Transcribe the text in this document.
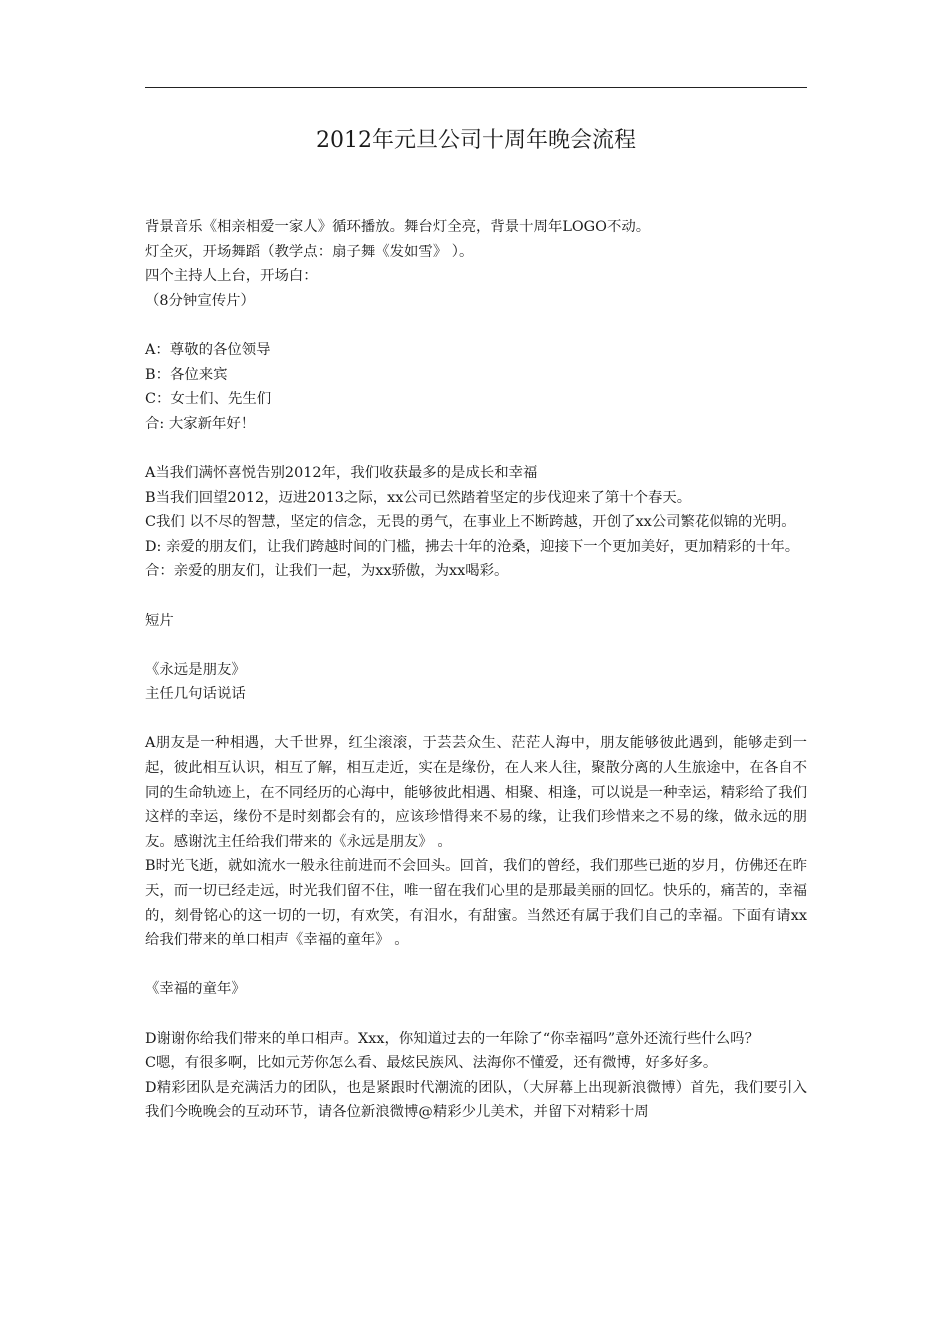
2012年元旦公司十周年晚会流程

背景音乐《相亲相爱一家人》循环播放。舞台灯全亮，背景十周年LOGO不动。

灯全灭，开场舞蹈（教学点：扇子舞《发如雪》 ）。

四个主持人上台，开场白：

（8分钟宣传片）

A：尊敬的各位领导

B：各位来宾

C：女士们、先生们

合: 大家新年好！

A当我们满怀喜悦告别2012年，我们收获最多的是成长和幸福

B当我们回望2012，迈进2013之际，xx公司已然踏着坚定的步伐迎来了第十个春天。

C我们 以不尽的智慧，坚定的信念，无畏的勇气，在事业上不断跨越，开创了xx公司繁花似锦的光明。

D: 亲爱的朋友们，让我们跨越时间的门槛，拂去十年的沧桑，迎接下一个更加美好，更加精彩的十年。

合：亲爱的朋友们，让我们一起，为xx骄傲，为xx喝彩。

短片

《永远是朋友》

主任几句话说话

A朋友是一种相遇，大千世界，红尘滚滚，于芸芸众生、茫茫人海中，朋友能够彼此遇到，能够走到一起，彼此相互认识，相互了解，相互走近，实在是缘份，在人来人往，聚散分离的人生旅途中，在各自不同的生命轨迹上，在不同经历的心海中，能够彼此相遇、相聚、相逢，可以说是一种幸运，精彩给了我们这样的幸运，缘份不是时刻都会有的，应该珍惜得来不易的缘，让我们珍惜来之不易的缘，做永远的朋友。感谢沈主任给我们带来的《永远是朋友》 。

B时光飞逝，就如流水一般永往前进而不会回头。回首，我们的曾经，我们那些已逝的岁月，仿佛还在昨天，而一切已经走远，时光我们留不住，唯一留在我们心里的是那最美丽的回忆。快乐的，痛苦的，幸福的，刻骨铭心的这一切的一切，有欢笑，有泪水，有甜蜜。当然还有属于我们自己的幸福。下面有请xx给我们带来的单口相声《幸福的童年》 。

《幸福的童年》

D谢谢你给我们带来的单口相声。Xxx，你知道过去的一年除了“你幸福吗”意外还流行些什么吗？

C嗯，有很多啊，比如元芳你怎么看、最炫民族风、法海你不懂爱，还有微博，好多好多。

D精彩团队是充满活力的团队，也是紧跟时代潮流的团队，（大屏幕上出现新浪微博）首先，我们要引入我们今晚晚会的互动环节，请各位新浪微博@精彩少儿美术，并留下对精彩十周
